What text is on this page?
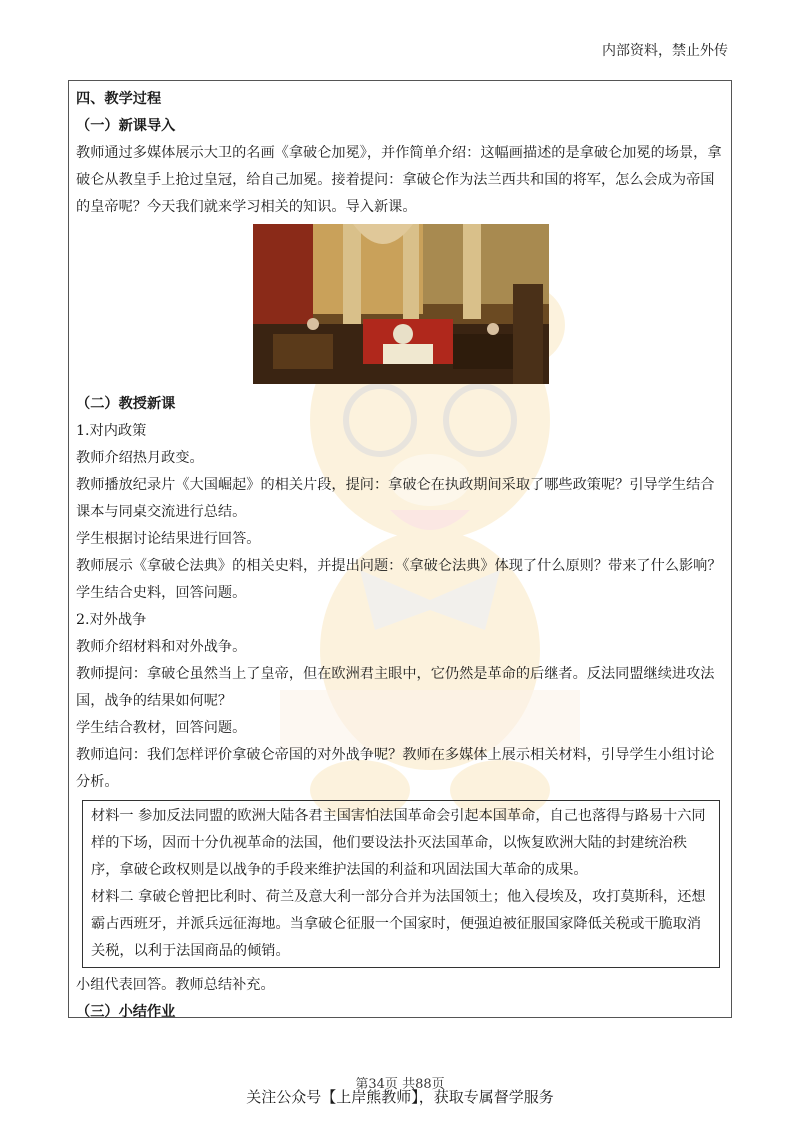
内部资料，禁止外传

四、教学过程

（一）新课导入

教师通过多媒体展示大卫的名画《拿破仑加冕》，并作简单介绍：这幅画描述的是拿破仑加冕的场景，拿破仑从教皇手上抢过皇冠，给自己加冕。接着提问：拿破仑作为法兰西共和国的将军，怎么会成为帝国的皇帝呢？今天我们就来学习相关的知识。导入新课。

（二）教授新课

1.对内政策

教师介绍热月政变。

教师播放纪录片《大国崛起》的相关片段，提问：拿破仑在执政期间采取了哪些政策呢？引导学生结合课本与同桌交流进行总结。

学生根据讨论结果进行回答。

教师展示《拿破仑法典》的相关史料，并提出问题：《拿破仑法典》体现了什么原则？带来了什么影响？学生结合史料，回答问题。

2.对外战争

教师介绍材料和对外战争。

教师提问：拿破仑虽然当上了皇帝，但在欧洲君主眼中，它仍然是革命的后继者。反法同盟继续进攻法国，战争的结果如何呢？

学生结合教材，回答问题。

教师追问：我们怎样评价拿破仑帝国的对外战争呢？教师在多媒体上展示相关材料，引导学生小组讨论分析。

材料一 参加反法同盟的欧洲大陆各君主国害怕法国革命会引起本国革命，自己也落得与路易十六同样的下场，因而十分仇视革命的法国，他们要设法扑灭法国革命，以恢复欧洲大陆的封建统治秩序，拿破仑政权则是以战争的手段来维护法国的利益和巩固法国大革命的成果。

材料二 拿破仑曾把比利时、荷兰及意大利一部分合并为法国领土；他入侵埃及，攻打莫斯科，还想霸占西班牙，并派兵远征海地。当拿破仑征服一个国家时，便强迫被征服国家降低关税或干脆取消关税，以利于法国商品的倾销。

小组代表回答。教师总结补充。

（三）小结作业

第34页 共88页
关注公众号【上岸熊教师】，获取专属督学服务
